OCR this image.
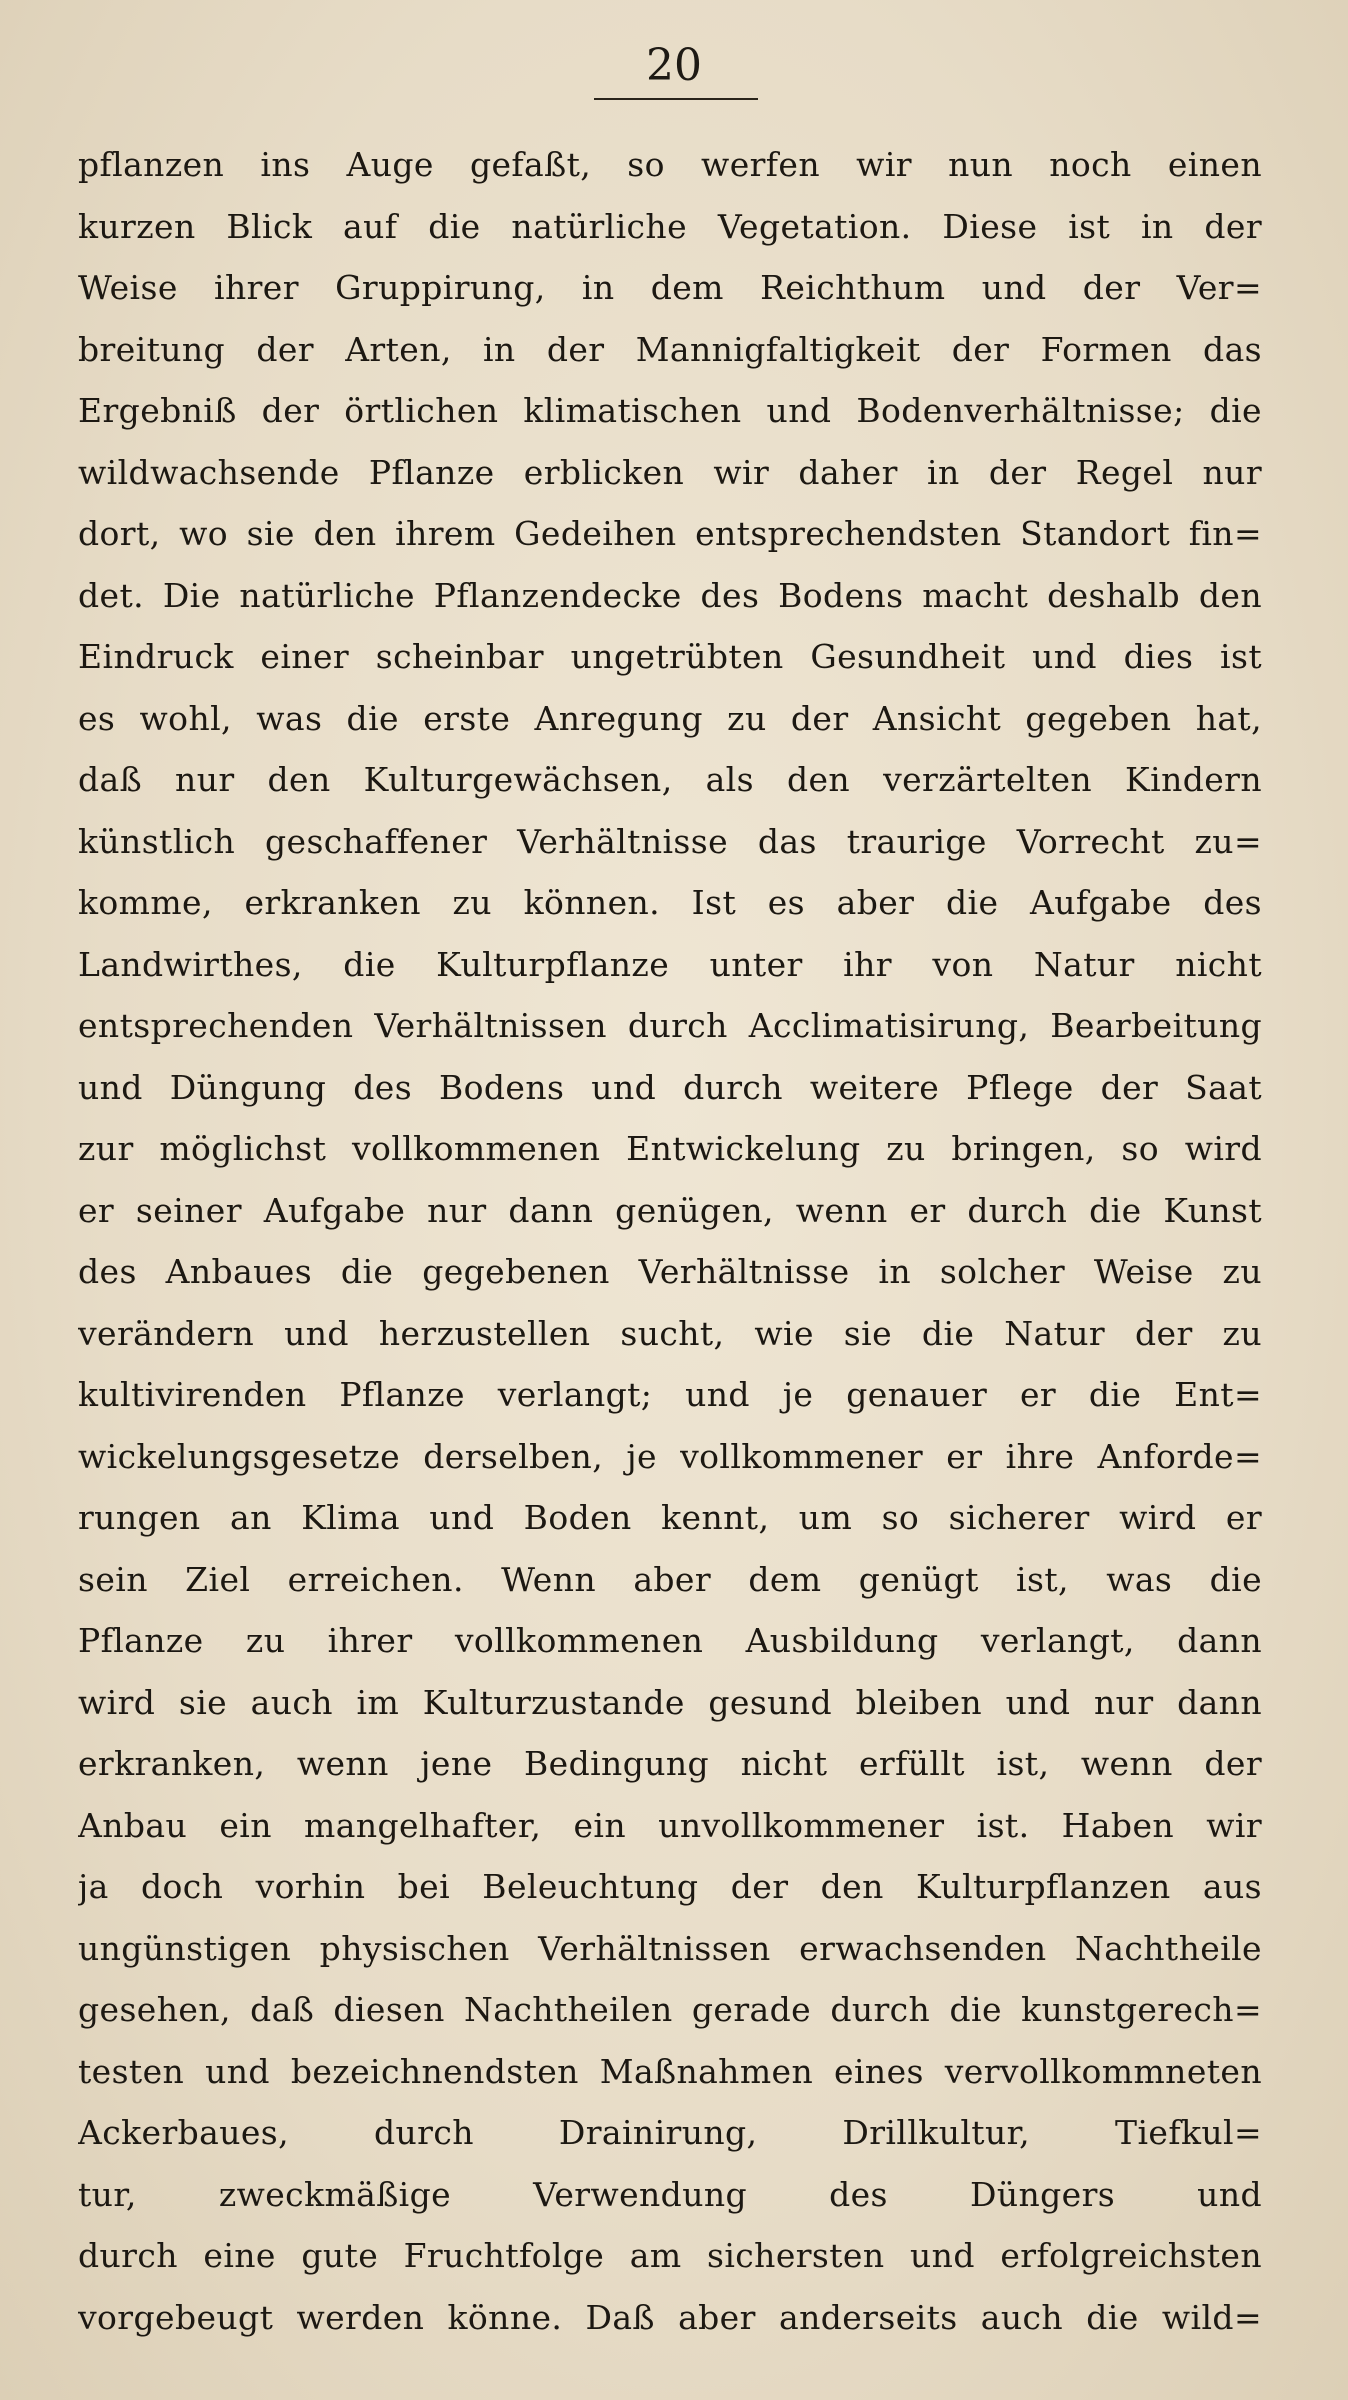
20
pflanzen ins Auge gefaßt, so werfen wir nun noch einen
kurzen Blick auf die natürliche Vegetation. Diese ist in der
Weise ihrer Gruppirung, in dem Reichthum und der Ver=
breitung der Arten, in der Mannigfaltigkeit der Formen das
Ergebniß der örtlichen klimatischen und Bodenverhältnisse; die
wildwachsende Pflanze erblicken wir daher in der Regel nur
dort, wo sie den ihrem Gedeihen entsprechendsten Standort fin=
det. Die natürliche Pflanzendecke des Bodens macht deshalb den
Eindruck einer scheinbar ungetrübten Gesundheit und dies ist
es wohl, was die erste Anregung zu der Ansicht gegeben hat,
daß nur den Kulturgewächsen, als den verzärtelten Kindern
künstlich geschaffener Verhältnisse das traurige Vorrecht zu=
komme, erkranken zu können. Ist es aber die Aufgabe des
Landwirthes, die Kulturpflanze unter ihr von Natur nicht
entsprechenden Verhältnissen durch Acclimatisirung, Bearbeitung
und Düngung des Bodens und durch weitere Pflege der Saat
zur möglichst vollkommenen Entwickelung zu bringen, so wird
er seiner Aufgabe nur dann genügen, wenn er durch die Kunst
des Anbaues die gegebenen Verhältnisse in solcher Weise zu
verändern und herzustellen sucht, wie sie die Natur der zu
kultivirenden Pflanze verlangt; und je genauer er die Ent=
wickelungsgesetze derselben, je vollkommener er ihre Anforde=
rungen an Klima und Boden kennt, um so sicherer wird er
sein Ziel erreichen. Wenn aber dem genügt ist, was die
Pflanze zu ihrer vollkommenen Ausbildung verlangt, dann
wird sie auch im Kulturzustande gesund bleiben und nur dann
erkranken, wenn jene Bedingung nicht erfüllt ist, wenn der
Anbau ein mangelhafter, ein unvollkommener ist. Haben wir
ja doch vorhin bei Beleuchtung der den Kulturpflanzen aus
ungünstigen physischen Verhältnissen erwachsenden Nachtheile
gesehen, daß diesen Nachtheilen gerade durch die kunstgerech=
testen und bezeichnendsten Maßnahmen eines vervollkommneten
Ackerbaues, durch Drainirung, Drillkultur, Tiefkul=
tur, zweckmäßige Verwendung des Düngers und
durch eine gute Fruchtfolge am sichersten und erfolgreichsten
vorgebeugt werden könne. Daß aber anderseits auch die wild=
